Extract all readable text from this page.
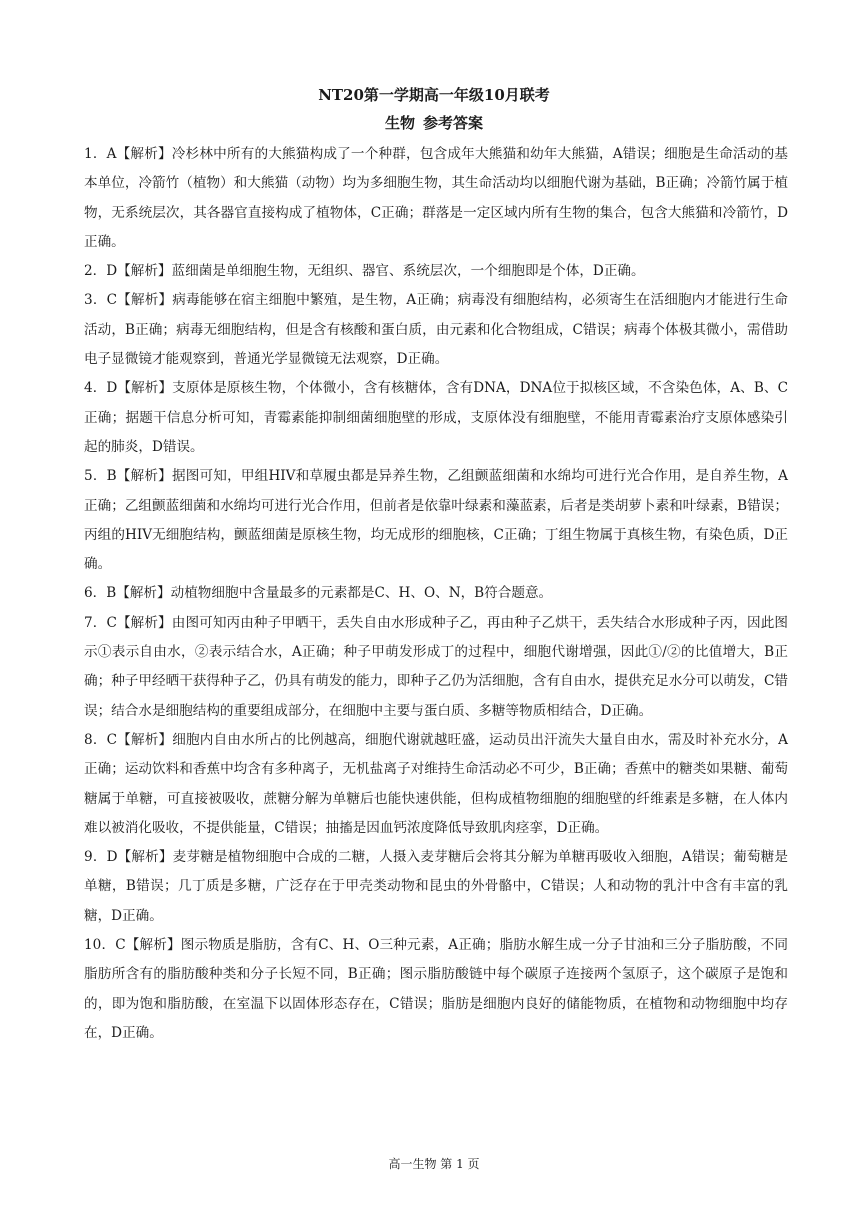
NT20第一学期高一年级10月联考
生物 参考答案

1．A【解析】冷杉林中所有的大熊猫构成了一个种群，包含成年大熊猫和幼年大熊猫，A错误；细胞是生命活动的基本单位，冷箭竹（植物）和大熊猫（动物）均为多细胞生物，其生命活动均以细胞代谢为基础，B正确；冷箭竹属于植物，无系统层次，其各器官直接构成了植物体，C正确；群落是一定区域内所有生物的集合，包含大熊猫和冷箭竹，D正确。

2．D【解析】蓝细菌是单细胞生物，无组织、器官、系统层次，一个细胞即是个体，D正确。

3．C【解析】病毒能够在宿主细胞中繁殖，是生物，A正确；病毒没有细胞结构，必须寄生在活细胞内才能进行生命活动，B正确；病毒无细胞结构，但是含有核酸和蛋白质，由元素和化合物组成，C错误；病毒个体极其微小，需借助电子显微镜才能观察到，普通光学显微镜无法观察，D正确。

4．D【解析】支原体是原核生物，个体微小，含有核糖体，含有DNA，DNA位于拟核区域，不含染色体，A、B、C正确；据题干信息分析可知，青霉素能抑制细菌细胞壁的形成，支原体没有细胞壁，不能用青霉素治疗支原体感染引起的肺炎，D错误。

5．B【解析】据图可知，甲组HIV和草履虫都是异养生物，乙组颤蓝细菌和水绵均可进行光合作用，是自养生物，A正确；乙组颤蓝细菌和水绵均可进行光合作用，但前者是依靠叶绿素和藻蓝素，后者是类胡萝卜素和叶绿素，B错误；丙组的HIV无细胞结构，颤蓝细菌是原核生物，均无成形的细胞核，C正确；丁组生物属于真核生物，有染色质，D正确。

6．B【解析】动植物细胞中含量最多的元素都是C、H、O、N，B符合题意。

7．C【解析】由图可知丙由种子甲晒干，丢失自由水形成种子乙，再由种子乙烘干，丢失结合水形成种子丙，因此图示①表示自由水，②表示结合水，A正确；种子甲萌发形成丁的过程中，细胞代谢增强，因此①/②的比值增大，B正确；种子甲经晒干获得种子乙，仍具有萌发的能力，即种子乙仍为活细胞，含有自由水，提供充足水分可以萌发，C错误；结合水是细胞结构的重要组成部分，在细胞中主要与蛋白质、多糖等物质相结合，D正确。

8．C【解析】细胞内自由水所占的比例越高，细胞代谢就越旺盛，运动员出汗流失大量自由水，需及时补充水分，A正确；运动饮料和香蕉中均含有多种离子，无机盐离子对维持生命活动必不可少，B正确；香蕉中的糖类如果糖、葡萄糖属于单糖，可直接被吸收，蔗糖分解为单糖后也能快速供能，但构成植物细胞的细胞壁的纤维素是多糖，在人体内难以被消化吸收，不提供能量，C错误；抽搐是因血钙浓度降低导致肌肉痉挛，D正确。

9．D【解析】麦芽糖是植物细胞中合成的二糖，人摄入麦芽糖后会将其分解为单糖再吸收入细胞，A错误；葡萄糖是单糖，B错误；几丁质是多糖，广泛存在于甲壳类动物和昆虫的外骨骼中，C错误；人和动物的乳汁中含有丰富的乳糖，D正确。

10．C【解析】图示物质是脂肪，含有C、H、O三种元素，A正确；脂肪水解生成一分子甘油和三分子脂肪酸，不同脂肪所含有的脂肪酸种类和分子长短不同，B正确；图示脂肪酸链中每个碳原子连接两个氢原子，这个碳原子是饱和的，即为饱和脂肪酸，在室温下以固体形态存在，C错误；脂肪是细胞内良好的储能物质，在植物和动物细胞中均存在，D正确。

高一生物 第 1 页
